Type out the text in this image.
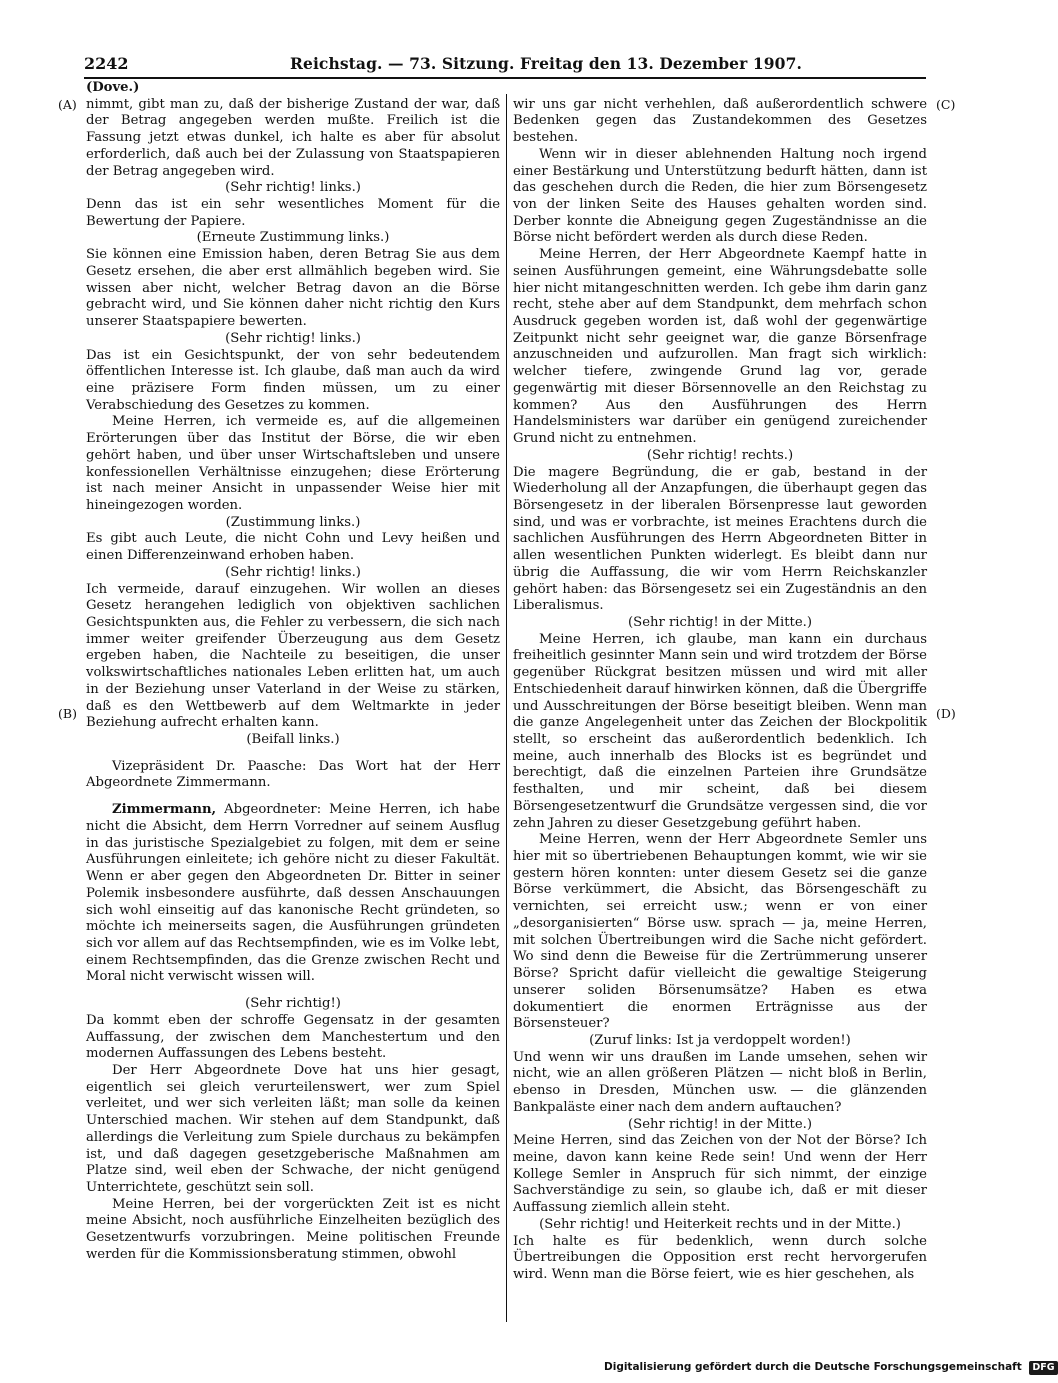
2242	Reichstag. — 73. Sitzung. Freitag den 13. Dezember 1907.
(A)
(B)
(C)
(D)

(Dove.)

nimmt, gibt man zu, daß der bisherige Zustand der war, daß der Betrag angegeben werden mußte. Freilich ist die Fassung jetzt etwas dunkel, ich halte es aber für absolut erforderlich, daß auch bei der Zulassung von Staatspapieren der Betrag angegeben wird.

(Sehr richtig! links.)

Denn das ist ein sehr wesentliches Moment für die Bewertung der Papiere.

(Erneute Zustimmung links.)

Sie können eine Emission haben, deren Betrag Sie aus dem Gesetz ersehen, die aber erst allmählich begeben wird. Sie wissen aber nicht, welcher Betrag davon an die Börse gebracht wird, und Sie können daher nicht richtig den Kurs unserer Staatspapiere bewerten.

(Sehr richtig! links.)

Das ist ein Gesichtspunkt, der von sehr bedeutendem öffentlichen Interesse ist. Ich glaube, daß man auch da wird eine präzisere Form finden müssen, um zu einer Verabschiedung des Gesetzes zu kommen.

Meine Herren, ich vermeide es, auf die allgemeinen Erörterungen über das Institut der Börse, die wir eben gehört haben, und über unser Wirtschaftsleben und unsere konfessionellen Verhältnisse einzugehen; diese Erörterung ist nach meiner Ansicht in unpassender Weise hier mit hineingezogen worden.

(Zustimmung links.)

Es gibt auch Leute, die nicht Cohn und Levy heißen und einen Differenzeinwand erhoben haben.

(Sehr richtig! links.)

Ich vermeide, darauf einzugehen. Wir wollen an dieses Gesetz herangehen lediglich von objektiven sachlichen Gesichtspunkten aus, die Fehler zu verbessern, die sich nach immer weiter greifender Überzeugung aus dem Gesetz ergeben haben, die Nachteile zu beseitigen, die unser volkswirtschaftliches nationales Leben erlitten hat, um auch in der Beziehung unser Vaterland in der Weise zu stärken, daß es den Wettbewerb auf dem Weltmarkte in jeder Beziehung aufrecht erhalten kann.

(Beifall links.)

Vizepräsident Dr. Paasche: Das Wort hat der Herr Abgeordnete Zimmermann.

Zimmermann, Abgeordneter: Meine Herren, ich habe nicht die Absicht, dem Herrn Vorredner auf seinem Ausflug in das juristische Spezialgebiet zu folgen, mit dem er seine Ausführungen einleitete; ich gehöre nicht zu dieser Fakultät. Wenn er aber gegen den Abgeordneten Dr. Bitter in seiner Polemik insbesondere ausführte, daß dessen Anschauungen sich wohl einseitig auf das kanonische Recht gründeten, so möchte ich meinerseits sagen, die Ausführungen gründeten sich vor allem auf das Rechtsempfinden, wie es im Volke lebt, einem Rechtsempfinden, das die Grenze zwischen Recht und Moral nicht verwischt wissen will.

(Sehr richtig!)

Da kommt eben der schroffe Gegensatz in der gesamten Auffassung, der zwischen dem Manchestertum und den modernen Auffassungen des Lebens besteht.

Der Herr Abgeordnete Dove hat uns hier gesagt, eigentlich sei gleich verurteilenswert, wer zum Spiel verleitet, und wer sich verleiten läßt; man solle da keinen Unterschied machen. Wir stehen auf dem Standpunkt, daß allerdings die Verleitung zum Spiele durchaus zu bekämpfen ist, und daß dagegen gesetzgeberische Maßnahmen am Platze sind, weil eben der Schwache, der nicht genügend Unterrichtete, geschützt sein soll.

Meine Herren, bei der vorgerückten Zeit ist es nicht meine Absicht, noch ausführliche Einzelheiten bezüglich des Gesetzentwurfs vorzubringen. Meine politischen Freunde werden für die Kommissionsberatung stimmen, obwohl

wir uns gar nicht verhehlen, daß außerordentlich schwere Bedenken gegen das Zustandekommen des Gesetzes bestehen.

Wenn wir in dieser ablehnenden Haltung noch irgend einer Bestärkung und Unterstützung bedurft hätten, dann ist das geschehen durch die Reden, die hier zum Börsengesetz von der linken Seite des Hauses gehalten worden sind. Derber konnte die Abneigung gegen Zugeständnisse an die Börse nicht befördert werden als durch diese Reden.

Meine Herren, der Herr Abgeordnete Kaempf hatte in seinen Ausführungen gemeint, eine Währungsdebatte solle hier nicht mitangeschnitten werden. Ich gebe ihm darin ganz recht, stehe aber auf dem Standpunkt, dem mehrfach schon Ausdruck gegeben worden ist, daß wohl der gegenwärtige Zeitpunkt nicht sehr geeignet war, die ganze Börsenfrage anzuschneiden und aufzurollen. Man fragt sich wirklich: welcher tiefere, zwingende Grund lag vor, gerade gegenwärtig mit dieser Börsennovelle an den Reichstag zu kommen? Aus den Ausführungen des Herrn Handelsministers war darüber ein genügend zureichender Grund nicht zu entnehmen.

(Sehr richtig! rechts.)

Die magere Begründung, die er gab, bestand in der Wiederholung all der Anzapfungen, die überhaupt gegen das Börsengesetz in der liberalen Börsenpresse laut geworden sind, und was er vorbrachte, ist meines Erachtens durch die sachlichen Ausführungen des Herrn Abgeordneten Bitter in allen wesentlichen Punkten widerlegt. Es bleibt dann nur übrig die Auffassung, die wir vom Herrn Reichskanzler gehört haben: das Börsengesetz sei ein Zugeständnis an den Liberalismus.

(Sehr richtig! in der Mitte.)

Meine Herren, ich glaube, man kann ein durchaus freiheitlich gesinnter Mann sein und wird trotzdem der Börse gegenüber Rückgrat besitzen müssen und wird mit aller Entschiedenheit darauf hinwirken können, daß die Übergriffe und Ausschreitungen der Börse beseitigt bleiben. Wenn man die ganze Angelegenheit unter das Zeichen der Blockpolitik stellt, so erscheint das außerordentlich bedenklich. Ich meine, auch innerhalb des Blocks ist es begründet und berechtigt, daß die einzelnen Parteien ihre Grundsätze festhalten, und mir scheint, daß bei diesem Börsengesetzentwurf die Grundsätze vergessen sind, die vor zehn Jahren zu dieser Gesetzgebung geführt haben.

Meine Herren, wenn der Herr Abgeordnete Semler uns hier mit so übertriebenen Behauptungen kommt, wie wir sie gestern hören konnten: unter diesem Gesetz sei die ganze Börse verkümmert, die Absicht, das Börsengeschäft zu vernichten, sei erreicht usw.; wenn er von einer „desorganisierten“ Börse usw. sprach — ja, meine Herren, mit solchen Übertreibungen wird die Sache nicht gefördert. Wo sind denn die Beweise für die Zertrümmerung unserer Börse? Spricht dafür vielleicht die gewaltige Steigerung unserer soliden Börsenumsätze? Haben es etwa dokumentiert die enormen Erträgnisse aus der Börsensteuer?

(Zuruf links: Ist ja verdoppelt worden!)

Und wenn wir uns draußen im Lande umsehen, sehen wir nicht, wie an allen größeren Plätzen — nicht bloß in Berlin, ebenso in Dresden, München usw. — die glänzenden Bankpaläste einer nach dem andern auftauchen?

(Sehr richtig! in der Mitte.)

Meine Herren, sind das Zeichen von der Not der Börse? Ich meine, davon kann keine Rede sein! Und wenn der Herr Kollege Semler in Anspruch für sich nimmt, der einzige Sachverständige zu sein, so glaube ich, daß er mit dieser Auffassung ziemlich allein steht.

(Sehr richtig! und Heiterkeit rechts und in der Mitte.)

Ich halte es für bedenklich, wenn durch solche Übertreibungen die Opposition erst recht hervorgerufen wird. Wenn man die Börse feiert, wie es hier geschehen, als

Digitalisierung gefördert durch die Deutsche Forschungsgemeinschaft DFG
